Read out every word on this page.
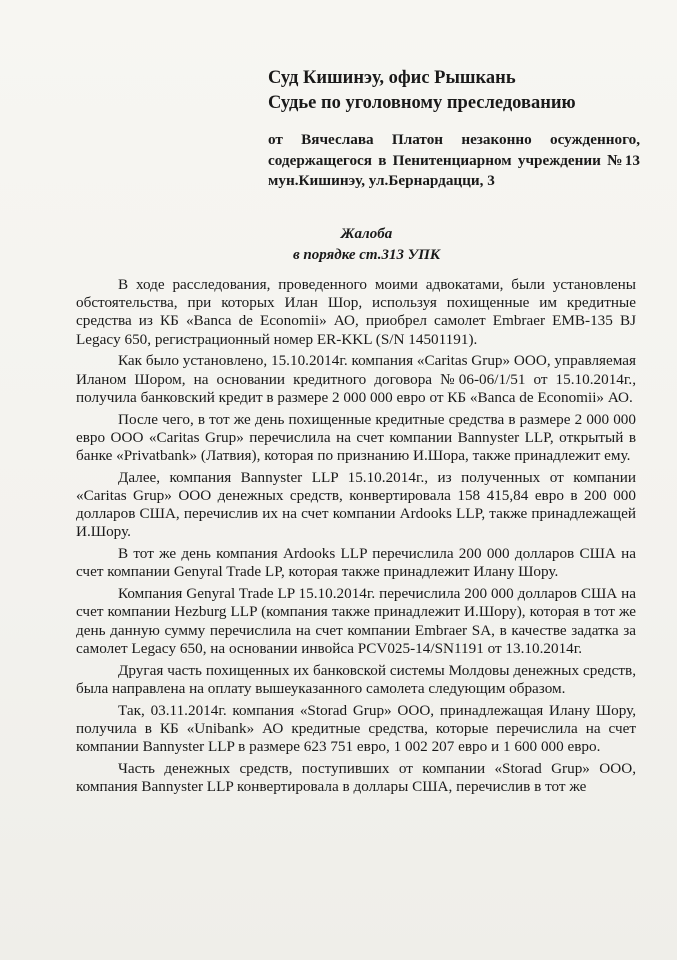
Суд Кишинэу, офис Рышкань
Судье по уголовному преследованию
от Вячеслава Платон незаконно осужденного, содержащегося в Пенитенциарном учреждении №13 мун.Кишинэу, ул.Бернардацци, 3
Жалоба
в порядке ст.313 УПК

В ходе расследования, проведенного моими адвокатами, были установлены обстоятельства, при которых Илан Шор, используя похищенные им кредитные средства из КБ «Banca de Economii» АО, приобрел самолет Embraer EMB-135 BJ Legacy 650, регистрационный номер ER-KKL (S/N 14501191).

Как было установлено, 15.10.2014г. компания «Caritas Grup» ООО, управляемая Иланом Шором, на основании кредитного договора №06-06/1/51 от 15.10.2014г., получила банковский кредит в размере 2 000 000 евро от КБ «Banca de Economii» АО.

После чего, в тот же день похищенные кредитные средства в размере 2 000 000 евро ООО «Caritas Grup» перечислила на счет компании Bannyster LLP, открытый в банке «Privatbank» (Латвия), которая по признанию И.Шора, также принадлежит ему.

Далее, компания Bannyster LLP 15.10.2014г., из полученных от компании «Caritas Grup» ООО денежных средств, конвертировала 158 415,84 евро в 200 000 долларов США, перечислив их на счет компании Ardooks LLP, также принадлежащей И.Шору.

В тот же день компания Ardooks LLP перечислила 200 000 долларов США на счет компании Genyral Trade LP, которая также принадлежит Илану Шору.

Компания Genyral Trade LP 15.10.2014г. перечислила 200 000 долларов США на счет компании Hezburg LLP (компания также принадлежит И.Шору), которая в тот же день данную сумму перечислила на счет компании Embraer SA, в качестве задатка за самолет Legacy 650, на основании инвойса PCV025-14/SN1191 от 13.10.2014г.

Другая часть похищенных их банковской системы Молдовы денежных средств, была направлена на оплату вышеуказанного самолета следующим образом.

Так, 03.11.2014г. компания «Storad Grup» ООО, принадлежащая Илану Шору, получила в КБ «Unibank» АО кредитные средства, которые перечислила на счет компании Bannyster LLP в размере 623 751 евро, 1 002 207 евро и 1 600 000 евро.

Часть денежных средств, поступивших от компании «Storad Grup» ООО, компания Bannyster LLP конвертировала в доллары США, перечислив в тот же
